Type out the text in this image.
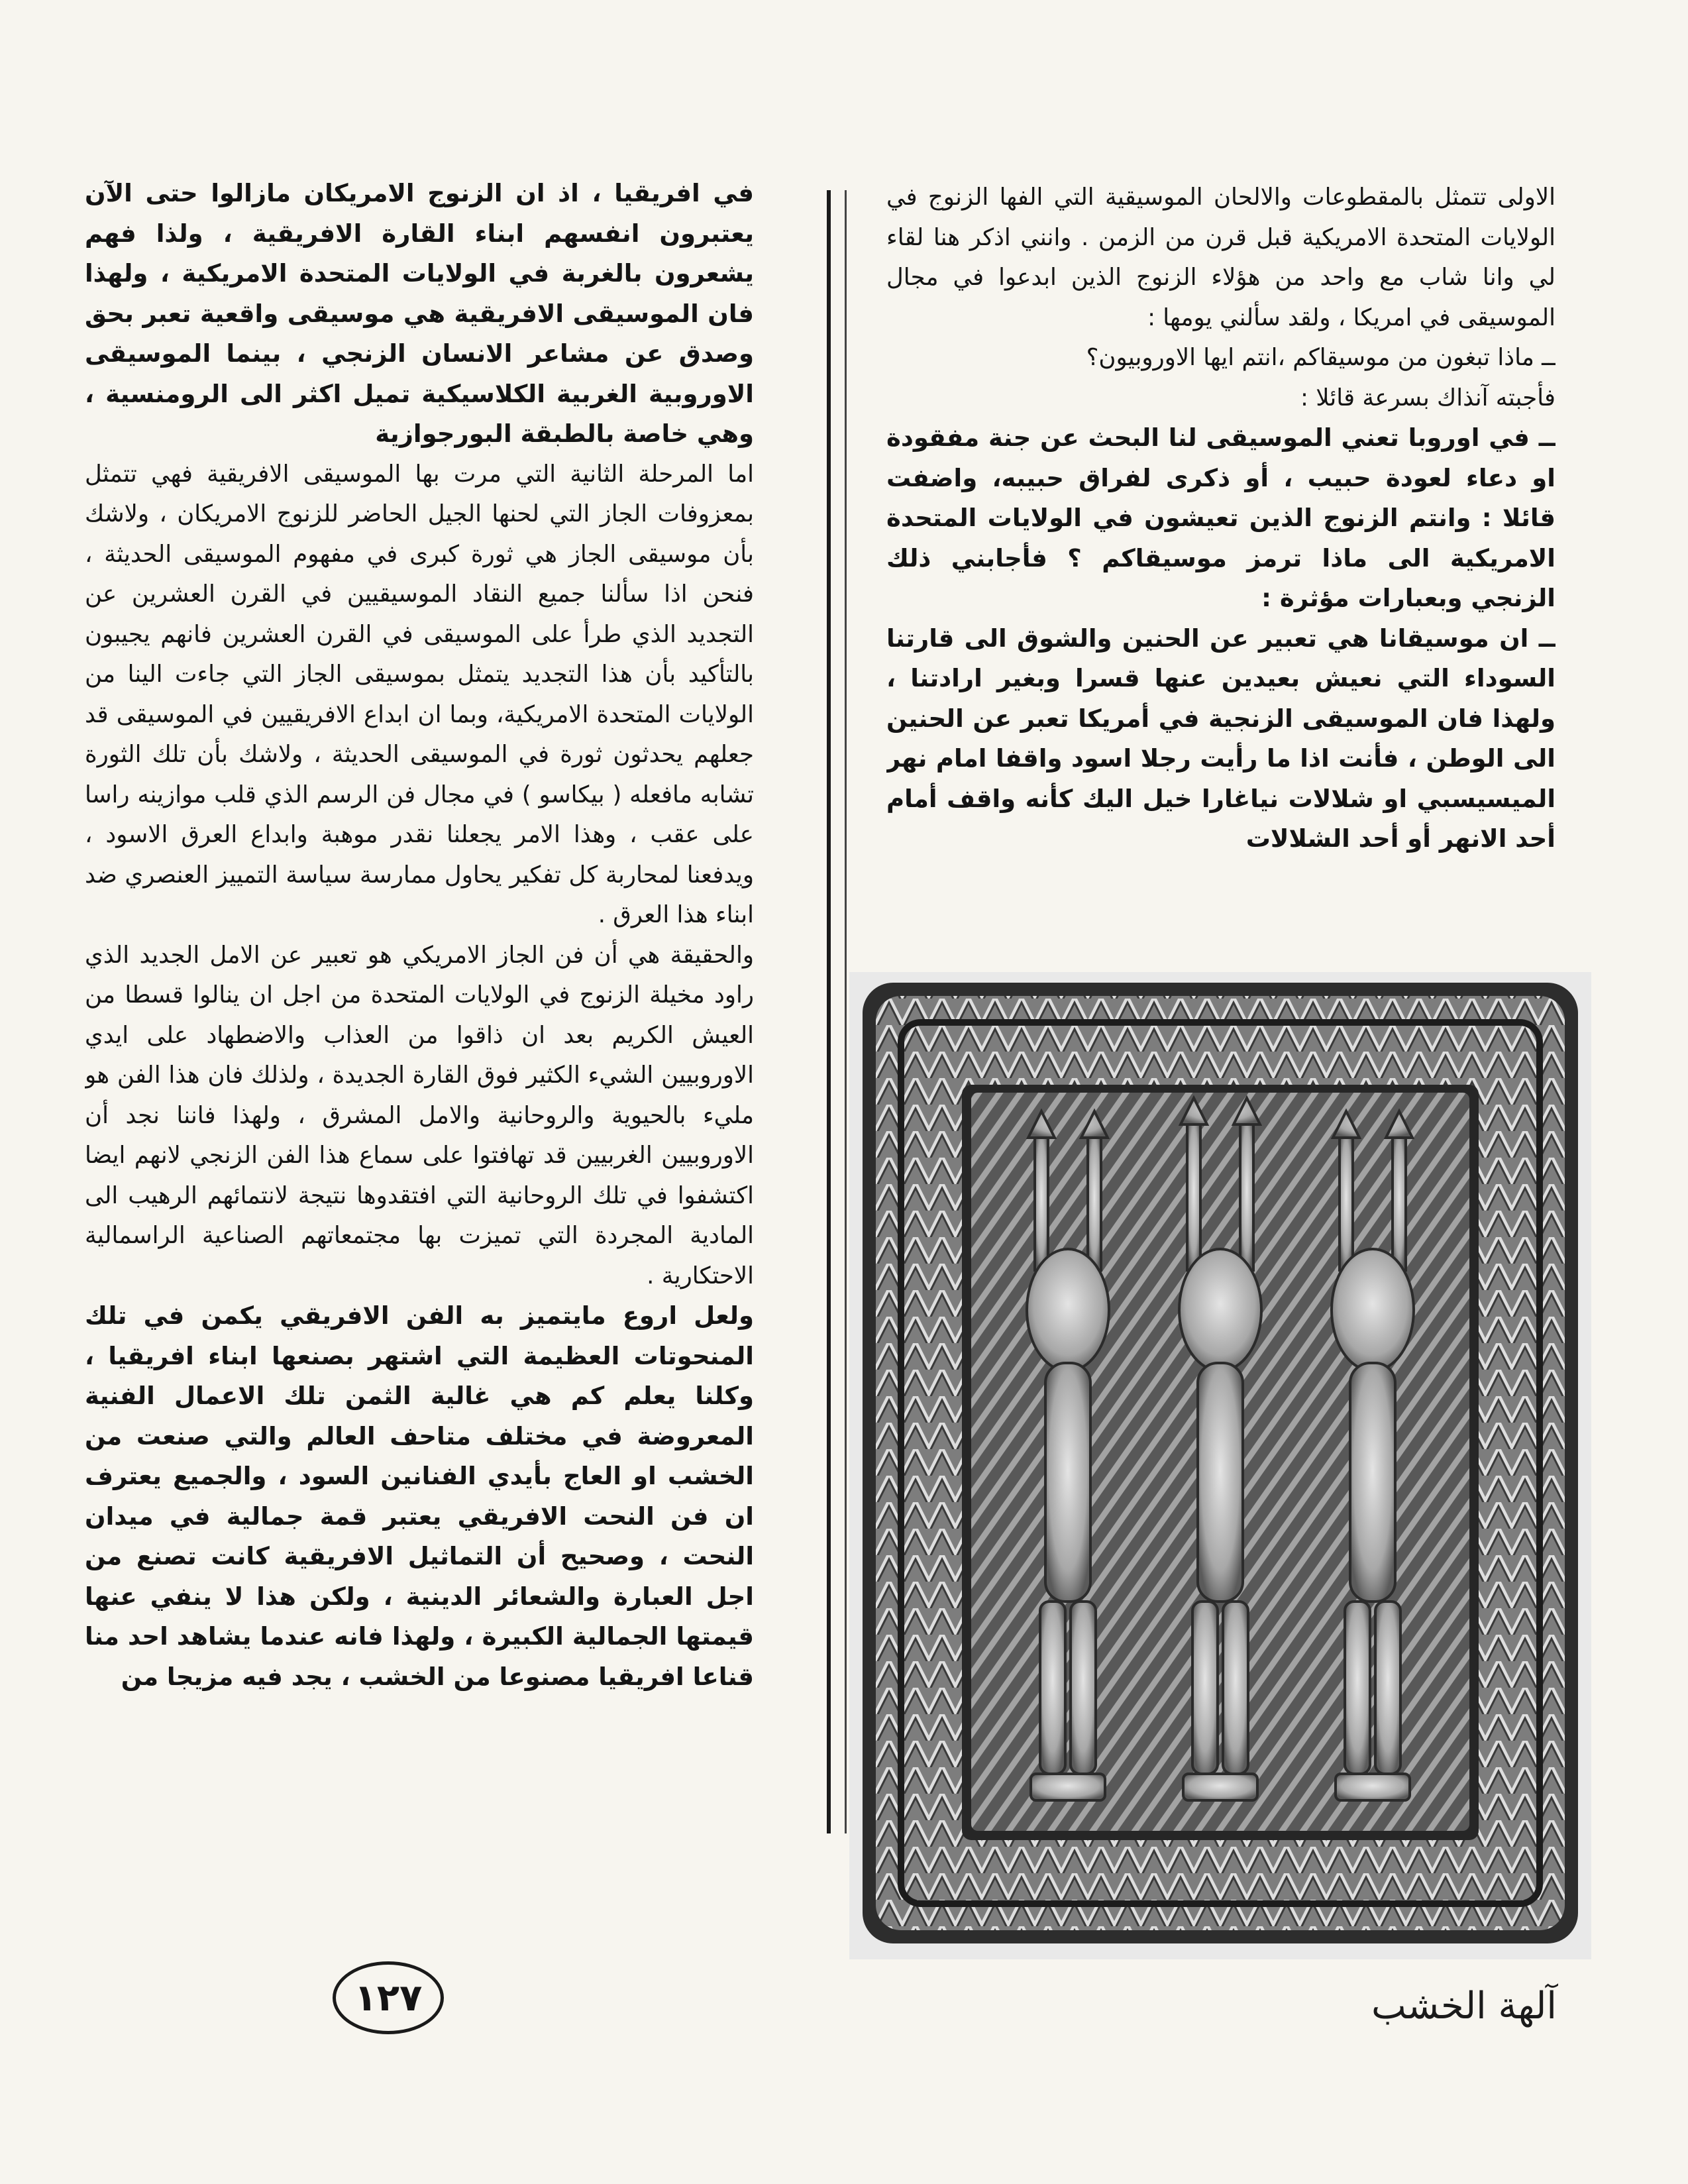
الاولى تتمثل بالمقطوعات والالحان الموسيقية التي الفها الزنوج في الولايات المتحدة الامريكية قبل قرن من الزمن . وانني اذكر هنا لقاء لي وانا شاب مع واحد من هؤلاء الزنوج الذين ابدعوا في مجال الموسيقى في امريكا ، ولقد سألني يومها :

ــ ماذا تبغون من موسيقاكم ،انتم ايها الاوروبيون؟

فأجبته آنذاك بسرعة قائلا :

ــ في اوروبا تعني الموسيقى لنا البحث عن جنة مفقودة او دعاء لعودة حبيب ، أو ذكرى لفراق حبيبه، واضفت قائلا : وانتم الزنوج الذين تعيشون في الولايات المتحدة الامريكية الى ماذا ترمز موسيقاكم ؟ فأجابني ذلك الزنجي وبعبارات مؤثرة :

ــ ان موسيقانا هي تعبير عن الحنين والشوق الى قارتنا السوداء التي نعيش بعيدين عنها قسرا وبغير ارادتنا ، ولهذا فان الموسيقى الزنجية في أمريكا تعبر عن الحنين الى الوطن ، فأنت اذا ما رأيت رجلا اسود واقفا امام نهر الميسيسبي او شلالات نياغارا خيل اليك كأنه واقف أمام أحد الانهر أو أحد الشلالات

في افريقيا ، اذ ان الزنوج الامريكان مازالوا حتى الآن يعتبرون انفسهم ابناء القارة الافريقية ، ولذا فهم يشعرون بالغربة في الولايات المتحدة الامريكية ، ولهذا فان الموسيقى الافريقية هي موسيقى واقعية تعبر بحق وصدق عن مشاعر الانسان الزنجي ، بينما الموسيقى الاوروبية الغربية الكلاسيكية تميل اكثر الى الرومنسية ، وهي خاصة بالطبقة البورجوازية

اما المرحلة الثانية التي مرت بها الموسيقى الافريقية فهي تتمثل بمعزوفات الجاز التي لحنها الجيل الحاضر للزنوج الامريكان ، ولاشك بأن موسيقى الجاز هي ثورة كبرى في مفهوم الموسيقى الحديثة ، فنحن اذا سألنا جميع النقاد الموسيقيين في القرن العشرين عن التجديد الذي طرأ على الموسيقى في القرن العشرين فانهم يجيبون بالتأكيد بأن هذا التجديد يتمثل بموسيقى الجاز التي جاءت الينا من الولايات المتحدة الامريكية، وبما ان ابداع الافريقيين في الموسيقى قد جعلهم يحدثون ثورة في الموسيقى الحديثة ، ولاشك بأن تلك الثورة تشابه مافعله ( بيكاسو ) في مجال فن الرسم الذي قلب موازينه راسا على عقب ، وهذا الامر يجعلنا نقدر موهبة وابداع العرق الاسود ، ويدفعنا لمحاربة كل تفكير يحاول ممارسة سياسة التمييز العنصري ضد ابناء هذا العرق .

والحقيقة هي أن فن الجاز الامريكي هو تعبير عن الامل الجديد الذي راود مخيلة الزنوج في الولايات المتحدة من اجل ان ينالوا قسطا من العيش الكريم بعد ان ذاقوا من العذاب والاضطهاد على ايدي الاوروبيين الشيء الكثير فوق القارة الجديدة ، ولذلك فان هذا الفن هو مليء بالحيوية والروحانية والامل المشرق ، ولهذا فاننا نجد أن الاوروبيين الغربيين قد تهافتوا على سماع هذا الفن الزنجي لانهم ايضا اكتشفوا في تلك الروحانية التي افتقدوها نتيجة لانتمائهم الرهيب الى المادية المجردة التي تميزت بها مجتمعاتهم الصناعية الراسمالية الاحتكارية .

ولعل اروع مايتميز به الفن الافريقي يكمن في تلك المنحوتات العظيمة التي اشتهر بصنعها ابناء افريقيا ، وكلنا يعلم كم هي غالية الثمن تلك الاعمال الفنية المعروضة في مختلف متاحف العالم والتي صنعت من الخشب او العاج بأيدي الفنانين السود ، والجميع يعترف ان فن النحت الافريقي يعتبر قمة جمالية في ميدان النحت ، وصحيح أن التماثيل الافريقية كانت تصنع من اجل العبارة والشعائر الدينية ، ولكن هذا لا ينفي عنها قيمتها الجمالية الكبيرة ، ولهذا فانه عندما يشاهد احد منا قناعا افريقيا مصنوعا من الخشب ، يجد فيه مزيجا من

آلهة الخشب
١٢٧
